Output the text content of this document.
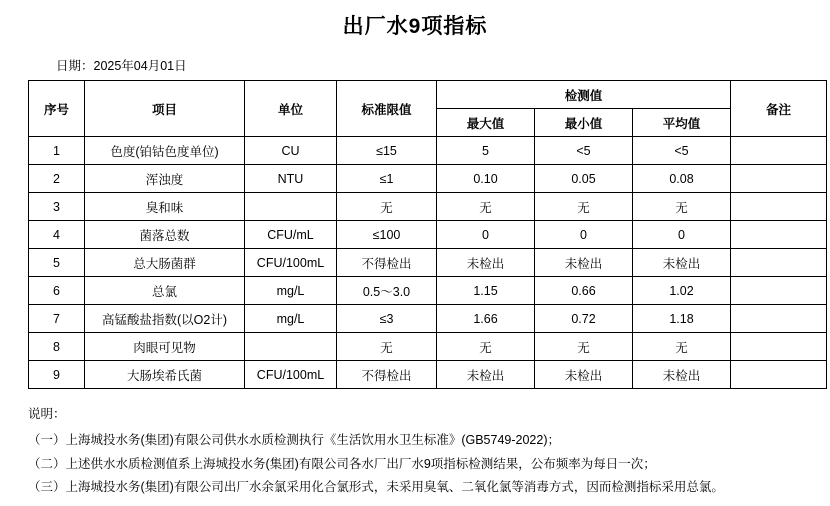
出厂水9项指标
日期：2025年04月01日
序号	项目	单位	标准限值	检测值			备注
				最大值	最小值	平均值	
1	色度(铂钴色度单位)	CU	≤15	5	<5	<5	
2	浑浊度	NTU	≤1	0.10	0.05	0.08	
3	臭和味		无	无	无	无	
4	菌落总数	CFU/mL	≤100	0	0	0	
5	总大肠菌群	CFU/100mL	不得检出	未检出	未检出	未检出	
6	总氯	mg/L	0.5～3.0	1.15	0.66	1.02	
7	高锰酸盐指数(以O2计)	mg/L	≤3	1.66	0.72	1.18	
8	肉眼可见物		无	无	无	无	
9	大肠埃希氏菌	CFU/100mL	不得检出	未检出	未检出	未检出	
说明：
（一）上海城投水务(集团)有限公司供水水质检测执行《生活饮用水卫生标准》(GB5749-2022)；
（二）上述供水水质检测值系上海城投水务(集团)有限公司各水厂出厂水9项指标检测结果，公布频率为每日一次；
（三）上海城投水务(集团)有限公司出厂水余氯采用化合氯形式，未采用臭氧、二氧化氯等消毒方式，因而检测指标采用总氯。
